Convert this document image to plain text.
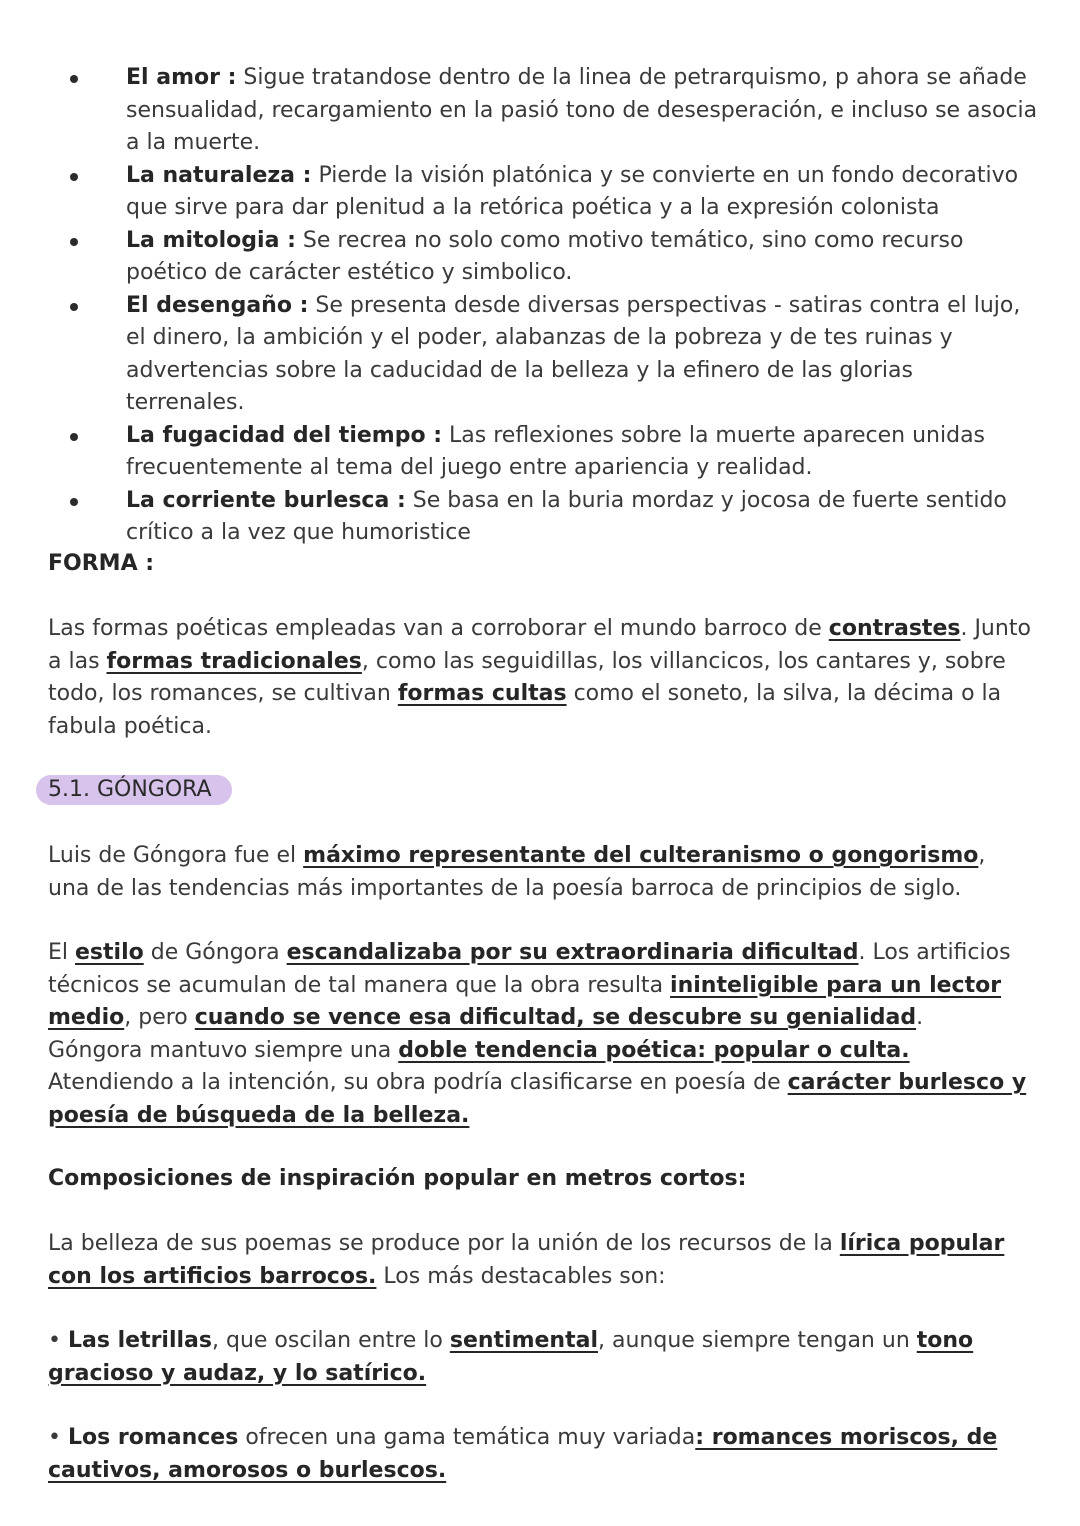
El amor : Sigue tratandose dentro de la linea de petrarquismo, p ahora se añade sensualidad, recargamiento en la pasió tono de desesperación, e incluso se asocia a la muerte.
La naturaleza : Pierde la visión platónica y se convierte en un fondo decorativo que sirve para dar plenitud a la retórica poética y a la expresión colonista
La mitologia : Se recrea no solo como motivo temático, sino como recurso poético de carácter estético y simbolico.
El desengaño : Se presenta desde diversas perspectivas - satiras contra el lujo, el dinero, la ambición y el poder, alabanzas de la pobreza y de tes ruinas y advertencias sobre la caducidad de la belleza y la efinero de las glorias terrenales.
La fugacidad del tiempo : Las reflexiones sobre la muerte aparecen unidas frecuentemente al tema del juego entre apariencia y realidad.
La corriente burlesca : Se basa en la buria mordaz y jocosa de fuerte sentido crítico a la vez que humoristice

FORMA :

Las formas poéticas empleadas van a corroborar el mundo barroco de contrastes. Junto a las formas tradicionales, como las seguidillas, los villancicos, los cantares y, sobre todo, los romances, se cultivan formas cultas como el soneto, la silva, la décima o la fabula poética.

5.1. GÓNGORA

Luis de Góngora fue el máximo representante del culteranismo o gongorismo, una de las tendencias más importantes de la poesía barroca de principios de siglo.

El estilo de Góngora escandalizaba por su extraordinaria dificultad. Los artificios técnicos se acumulan de tal manera que la obra resulta ininteligible para un lector medio, pero cuando se vence esa dificultad, se descubre su genialidad.
Góngora mantuvo siempre una doble tendencia poética: popular o culta. Atendiendo a la intención, su obra podría clasificarse en poesía de carácter burlesco y poesía de búsqueda de la belleza.

Composiciones de inspiración popular en metros cortos:

La belleza de sus poemas se produce por la unión de los recursos de la lírica popular con los artificios barrocos. Los más destacables son:

• Las letrillas, que oscilan entre lo sentimental, aunque siempre tengan un tono gracioso y audaz, y lo satírico.

• Los romances ofrecen una gama temática muy variada: romances moriscos, de cautivos, amorosos o burlescos.
